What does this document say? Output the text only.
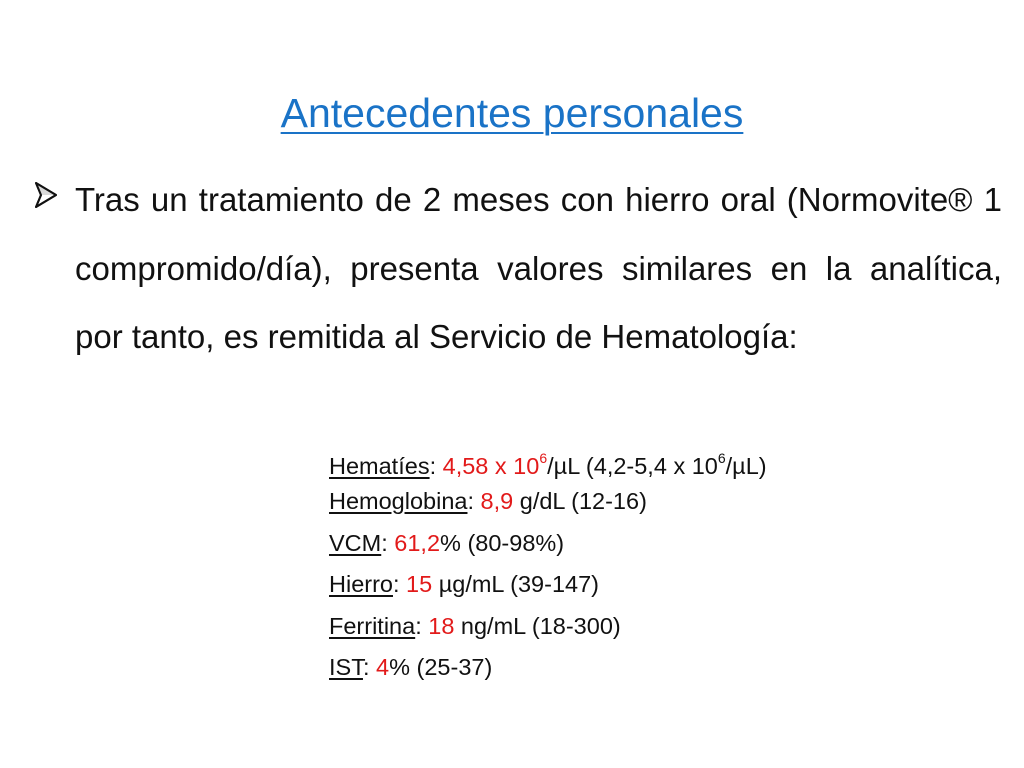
Antecedentes personales

Tras un tratamiento de 2 meses con hierro oral (Normovite® 1 compromido/día), presenta valores similares en la analítica, por tanto, es remitida al Servicio de Hematología:

Hematíes: 4,58 x $10^6/\mu L$ (4,2-5,4 x $10^6/\mu L$)
Hemoglobina: 8,9 g/dL (12-16)
VCM: 61,2% (80-98%)
Hierro: 15 µg/mL (39-147)
Ferritina: 18 ng/mL (18-300)
IST: 4% (25-37)
